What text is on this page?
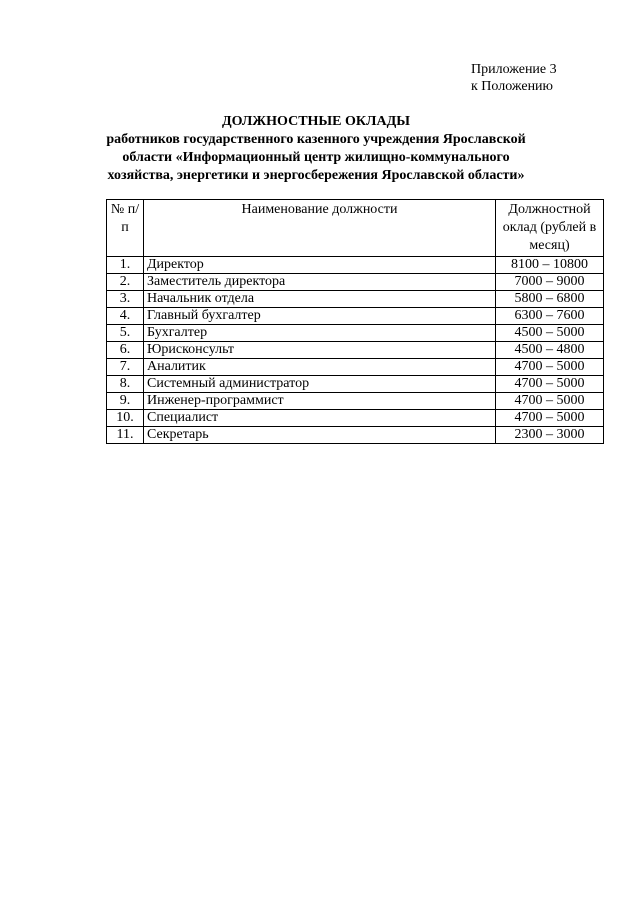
Приложение 3
к Положению
ДОЛЖНОСТНЫЕ ОКЛАДЫ
работников государственного казенного учреждения Ярославской области «Информационный центр жилищно-коммунального хозяйства, энергетики и энергосбережения Ярославской области»
№ п/п	Наименование должности	Должностной оклад (рублей в месяц)
1.	Директор	8100 – 10800
2.	Заместитель директора	7000 – 9000
3.	Начальник отдела	5800 – 6800
4.	Главный бухгалтер	6300 – 7600
5.	Бухгалтер	4500 – 5000
6.	Юрисконсульт	4500 – 4800
7.	Аналитик	4700 – 5000
8.	Системный администратор	4700 – 5000
9.	Инженер-программист	4700 – 5000
10.	Специалист	4700 – 5000
11.	Секретарь	2300 – 3000
